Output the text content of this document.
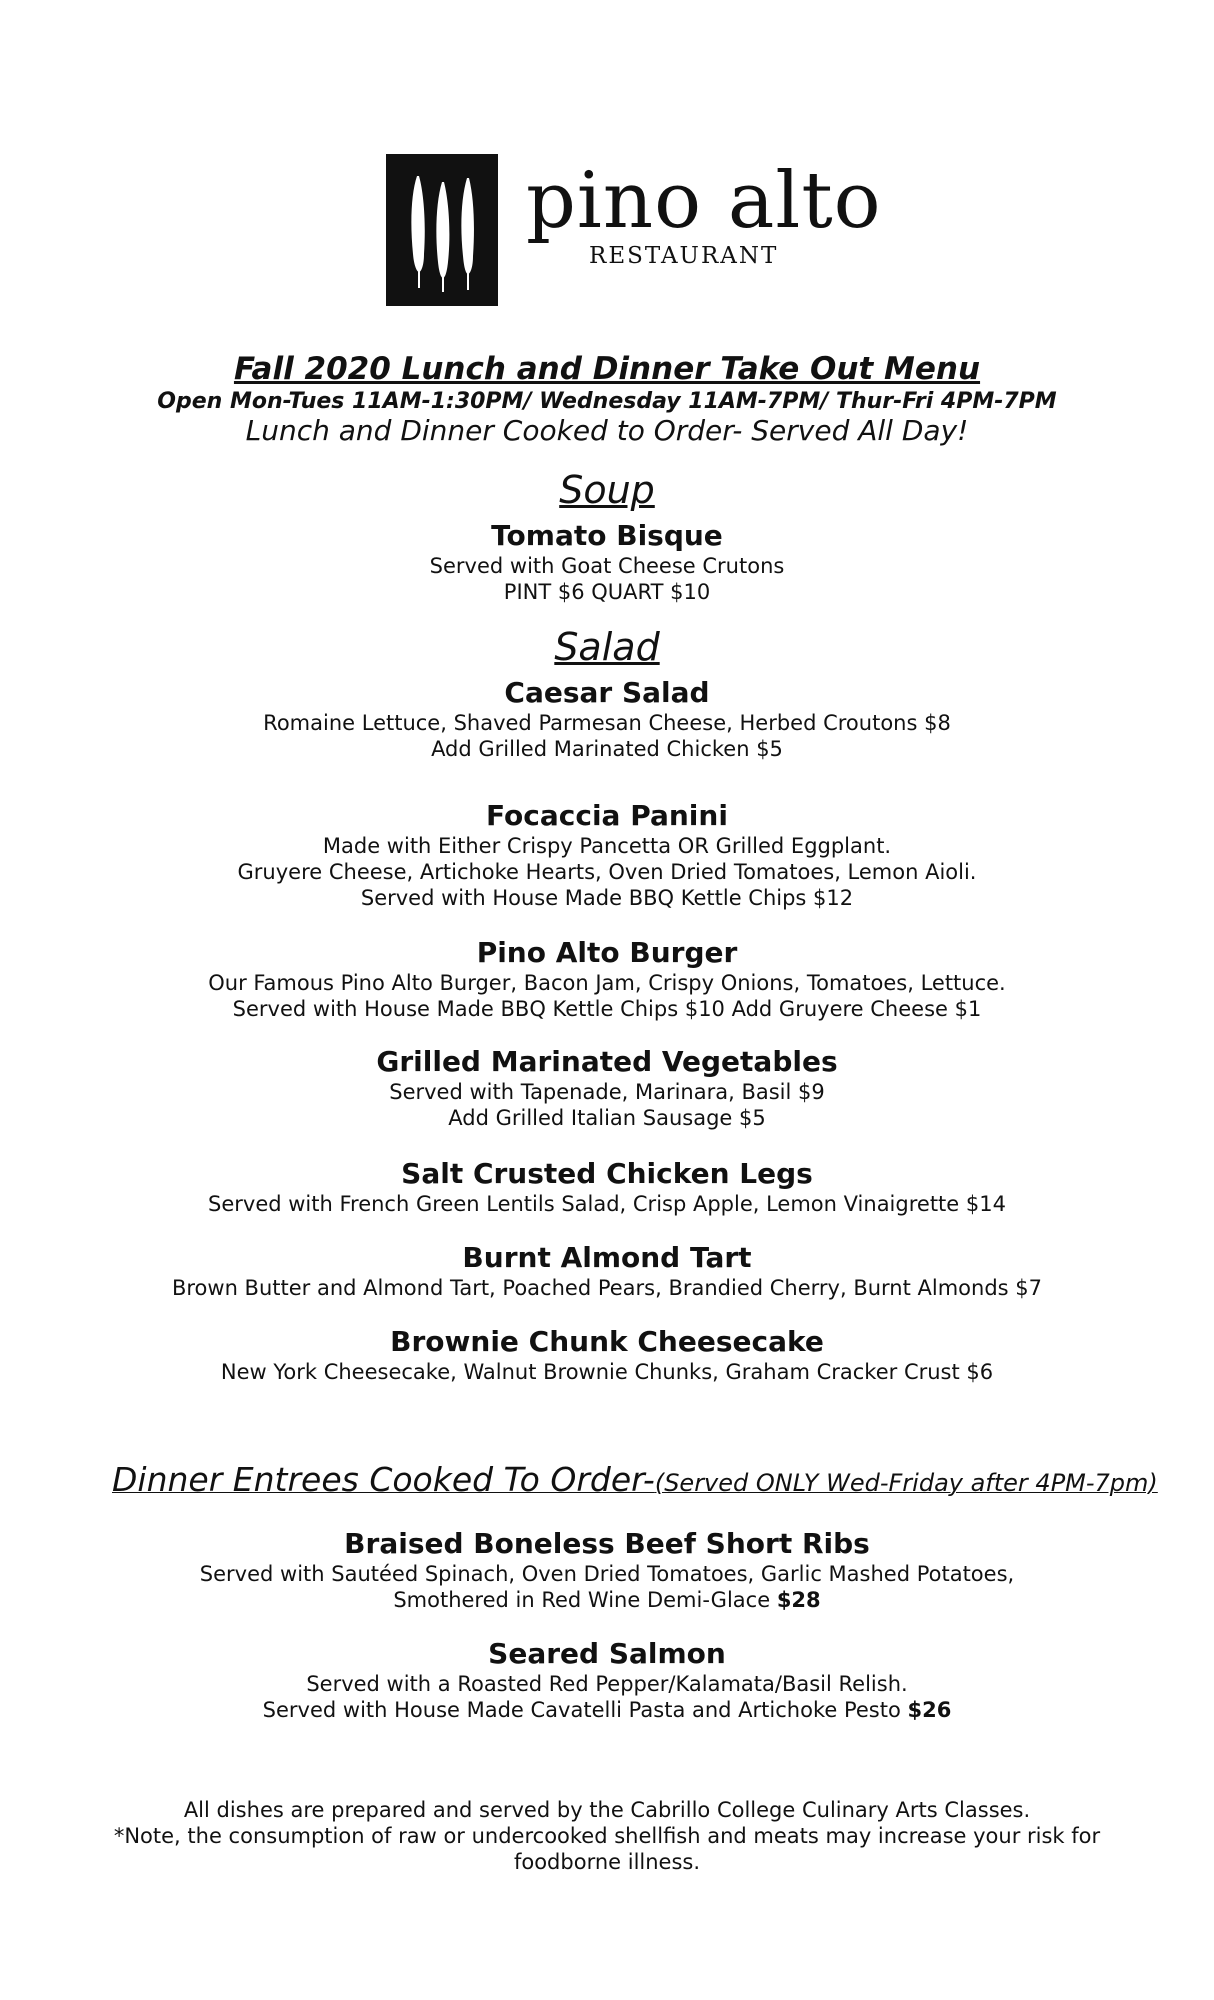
pino alto
RESTAURANT
Fall 2020 Lunch and Dinner Take Out Menu
Open Mon-Tues 11AM-1:30PM/ Wednesday 11AM-7PM/ Thur-Fri 4PM-7PM
Lunch and Dinner Cooked to Order- Served All Day!
Soup
Tomato Bisque
Served with Goat Cheese Crutons
PINT $6 QUART $10
Salad
Caesar Salad
Romaine Lettuce, Shaved Parmesan Cheese, Herbed Croutons $8
Add Grilled Marinated Chicken $5
Focaccia Panini
Made with Either Crispy Pancetta OR Grilled Eggplant.
Gruyere Cheese, Artichoke Hearts, Oven Dried Tomatoes, Lemon Aioli.
Served with House Made BBQ Kettle Chips $12
Pino Alto Burger
Our Famous Pino Alto Burger, Bacon Jam, Crispy Onions, Tomatoes, Lettuce.
Served with House Made BBQ Kettle Chips $10 Add Gruyere Cheese $1
Grilled Marinated Vegetables
Served with Tapenade, Marinara, Basil $9
Add Grilled Italian Sausage $5
Salt Crusted Chicken Legs
Served with French Green Lentils Salad, Crisp Apple, Lemon Vinaigrette $14
Burnt Almond Tart
Brown Butter and Almond Tart, Poached Pears, Brandied Cherry, Burnt Almonds $7
Brownie Chunk Cheesecake
New York Cheesecake, Walnut Brownie Chunks, Graham Cracker Crust $6
Dinner Entrees Cooked To Order-(Served ONLY Wed-Friday after 4PM-7pm)
Braised Boneless Beef Short Ribs
Served with Sautéed Spinach, Oven Dried Tomatoes, Garlic Mashed Potatoes,
Smothered in Red Wine Demi-Glace $28
Seared Salmon
Served with a Roasted Red Pepper/Kalamata/Basil Relish.
Served with House Made Cavatelli Pasta and Artichoke Pesto $26
All dishes are prepared and served by the Cabrillo College Culinary Arts Classes.
*Note, the consumption of raw or undercooked shellfish and meats may increase your risk for
foodborne illness.
